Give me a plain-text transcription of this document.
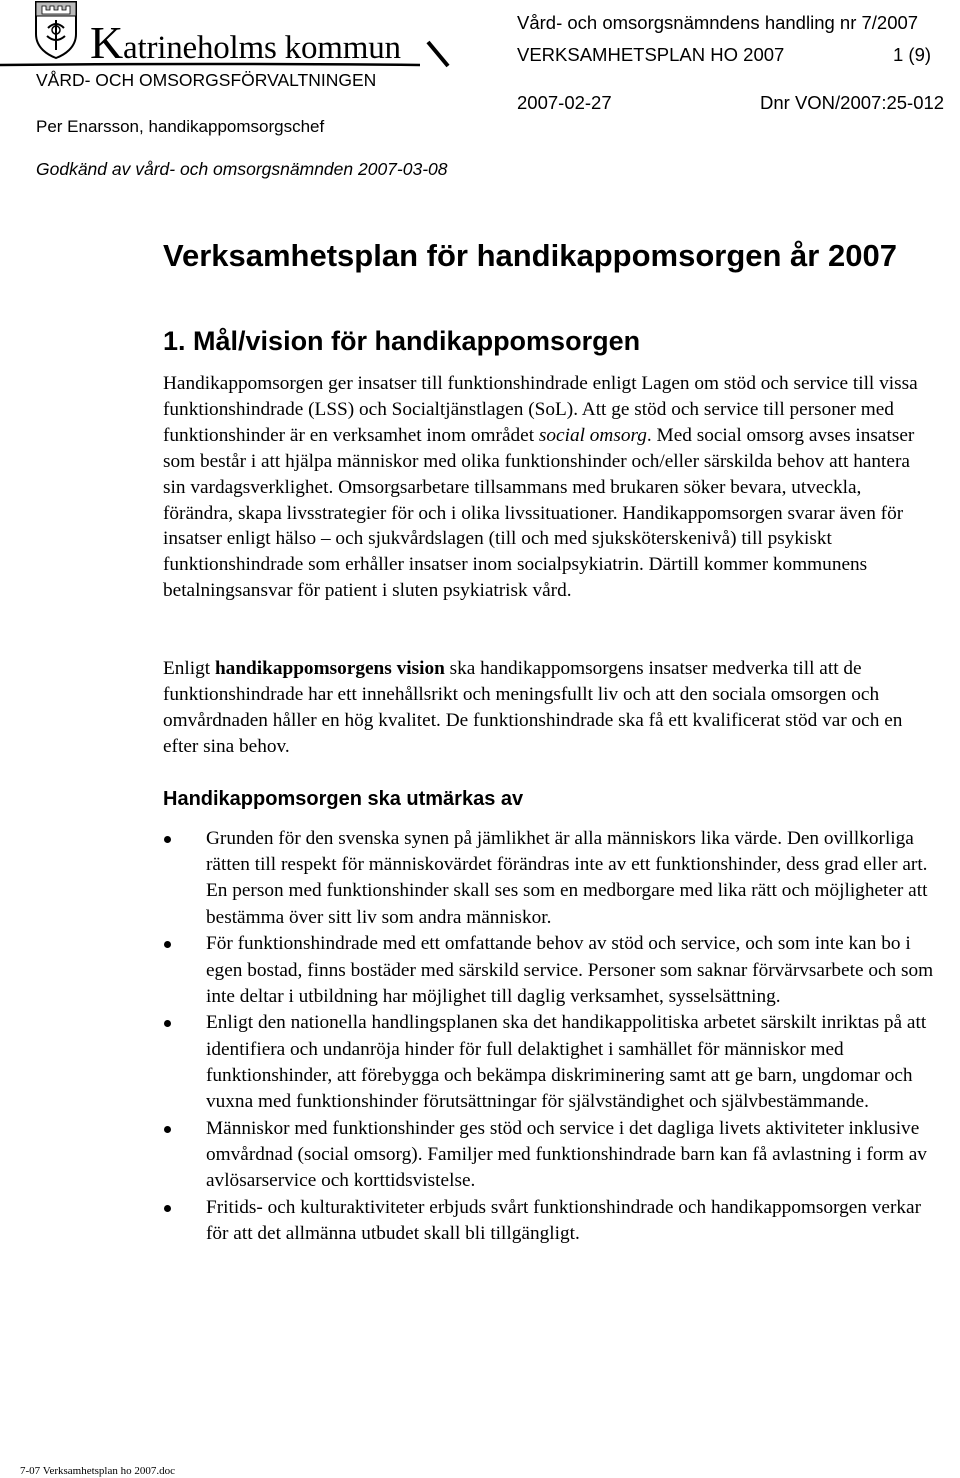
Katrineholms kommun
VÅRD- OCH OMSORGSFÖRVALTNINGEN
Per Enarsson, handikappomsorgschef
Vård- och omsorgsnämndens handling nr 7/2007
VERKSAMHETSPLAN HO 2007	1 (9)
2007-02-27	Dnr VON/2007:25-012
Godkänd av vård- och omsorgsnämnden 2007-03-08
Verksamhetsplan för handikappomsorgen år 2007
1. Mål/vision för handikappomsorgen

Handikappomsorgen ger insatser till funktionshindrade enligt Lagen om stöd och service till vissa funktionshindrade (LSS) och Socialtjänstlagen (SoL). Att ge stöd och service till personer med funktionshinder är en verksamhet inom området social omsorg. Med social omsorg avses insatser som består i att hjälpa människor med olika funktionshinder och/eller särskilda behov att hantera sin vardagsverklighet. Omsorgsarbetare tillsammans med brukaren söker bevara, utveckla, förändra, skapa livsstrategier för och i olika livssituationer. Handikappomsorgen svarar även för insatser enligt hälso – och sjukvårdslagen (till och med sjuksköterskenivå) till psykiskt funktionshindrade som erhåller insatser inom socialpsykiatrin. Därtill kommer kommunens betalningsansvar för patient i sluten psykiatrisk vård.

Enligt handikappomsorgens vision ska handikappomsorgens insatser medverka till att de funktionshindrade har ett innehållsrikt och meningsfullt liv och att den sociala omsorgen och omvårdnaden håller en hög kvalitet. De funktionshindrade ska få ett kvalificerat stöd var och en efter sina behov.

Handikappomsorgen ska utmärkas av
Grunden för den svenska synen på jämlikhet är alla människors lika värde. Den ovillkorliga rätten till respekt för människovärdet förändras inte av ett funktionshinder, dess grad eller art. En person med funktionshinder skall ses som en medborgare med lika rätt och möjligheter att bestämma över sitt liv som andra människor.
För funktionshindrade med ett omfattande behov av stöd och service, och som inte kan bo i egen bostad, finns bostäder med särskild service. Personer som saknar förvärvsarbete och som inte deltar i utbildning har möjlighet till daglig verksamhet, sysselsättning.
Enligt den nationella handlingsplanen ska det handikappolitiska arbetet särskilt inriktas på att identifiera och undanröja hinder för full delaktighet i samhället för människor med funktionshinder, att förebygga och bekämpa diskriminering samt att ge barn, ungdomar och vuxna med funktionshinder förutsättningar för självständighet och självbestämmande.
Människor med funktionshinder ges stöd och service i det dagliga livets aktiviteter inklusive omvårdnad (social omsorg). Familjer med funktionshindrade barn kan få avlastning i form av avlösarservice och korttidsvistelse.
Fritids- och kulturaktiviteter erbjuds svårt funktionshindrade och handikappomsorgen verkar för att det allmänna utbudet skall bli tillgängligt.
7-07 Verksamhetsplan ho 2007.doc
